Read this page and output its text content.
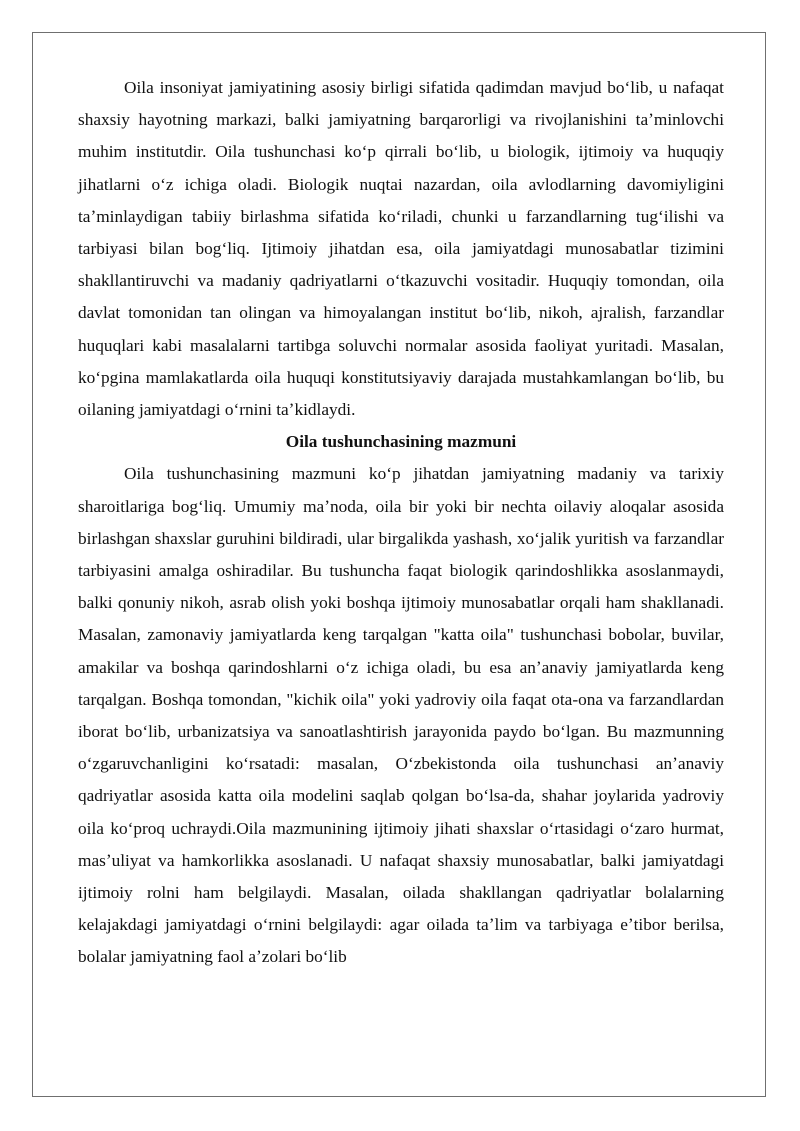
Oila insoniyat jamiyatining asosiy birligi sifatida qadimdan mavjud boʻlib, u nafaqat shaxsiy hayotning markazi, balki jamiyatning barqarorligi va rivojlanishini taʼminlovchi muhim institutdir. Oila tushunchasi koʻp qirrali boʻlib, u biologik, ijtimoiy va huquqiy jihatlarni oʻz ichiga oladi. Biologik nuqtai nazardan, oila avlodlarning davomiyligini taʼminlaydigan tabiiy birlashma sifatida koʻriladi, chunki u farzandlarning tugʻilishi va tarbiyasi bilan bogʻliq. Ijtimoiy jihatdan esa, oila jamiyatdagi munosabatlar tizimini shakllantiruvchi va madaniy qadriyatlarni oʻtkazuvchi vositadir. Huquqiy tomondan, oila davlat tomonidan tan olingan va himoyalangan institut boʻlib, nikoh, ajralish, farzandlar huquqlari kabi masalalarni tartibga soluvchi normalar asosida faoliyat yuritadi. Masalan, koʻpgina mamlakatlarda oila huquqi konstitutsiyaviy darajada mustahkamlangan boʻlib, bu oilaning jamiyatdagi oʻrnini taʼkidlaydi.

Oila tushunchasining mazmuni

Oila tushunchasining mazmuni koʻp jihatdan jamiyatning madaniy va tarixiy sharoitlariga bogʻliq. Umumiy maʼnoda, oila bir yoki bir nechta oilaviy aloqalar asosida birlashgan shaxslar guruhini bildiradi, ular birgalikda yashash, xoʻjalik yuritish va farzandlar tarbiyasini amalga oshiradilar. Bu tushuncha faqat biologik qarindoshlikka asoslanmaydi, balki qonuniy nikoh, asrab olish yoki boshqa ijtimoiy munosabatlar orqali ham shakllanadi. Masalan, zamonaviy jamiyatlarda keng tarqalgan "katta oila" tushunchasi bobolar, buvilar, amakilar va boshqa qarindoshlarni oʻz ichiga oladi, bu esa anʼanaviy jamiyatlarda keng tarqalgan. Boshqa tomondan, "kichik oila" yoki yadroviy oila faqat ota-ona va farzandlardan iborat boʻlib, urbanizatsiya va sanoatlashtirish jarayonida paydo boʻlgan. Bu mazmunning oʻzgaruvchanligini koʻrsatadi: masalan, Oʻzbekistonda oila tushunchasi anʼanaviy qadriyatlar asosida katta oila modelini saqlab qolgan boʻlsa-da, shahar joylarida yadroviy oila koʻproq uchraydi.Oila mazmunining ijtimoiy jihati shaxslar oʻrtasidagi oʻzaro hurmat, masʼuliyat va hamkorlikka asoslanadi. U nafaqat shaxsiy munosabatlar, balki jamiyatdagi ijtimoiy rolni ham belgilaydi. Masalan, oilada shakllangan qadriyatlar bolalarning kelajakdagi jamiyatdagi oʻrnini belgilaydi: agar oilada taʼlim va tarbiyaga eʼtibor berilsa, bolalar jamiyatning faol aʼzolari boʻlib
